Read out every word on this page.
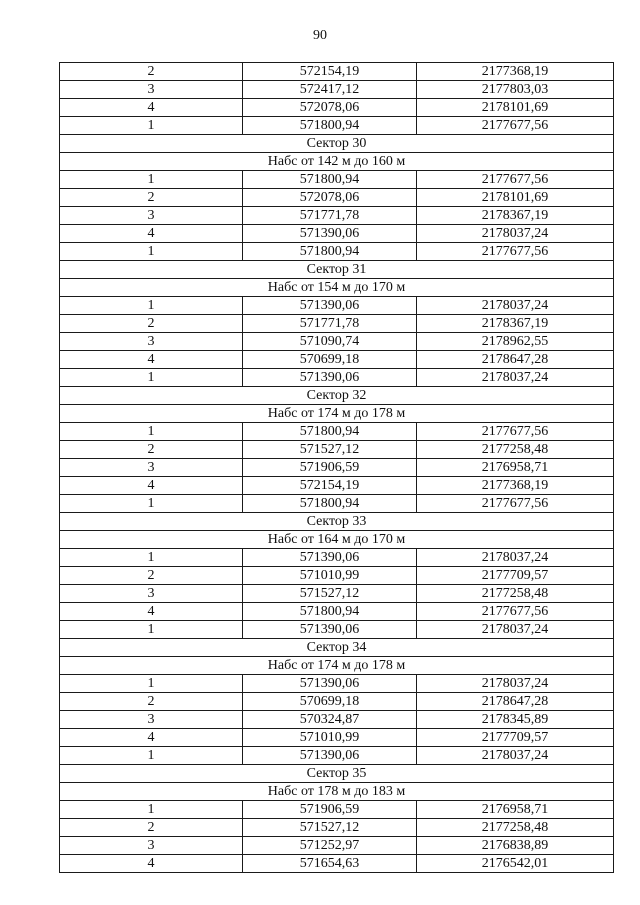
90
2	572154,19	2177368,19
3	572417,12	2177803,03
4	572078,06	2178101,69
1	571800,94	2177677,56
Сектор 30		
Набс от 142 м до 160 м		
1	571800,94	2177677,56
2	572078,06	2178101,69
3	571771,78	2178367,19
4	571390,06	2178037,24
1	571800,94	2177677,56
Сектор 31		
Набс от 154 м до 170 м		
1	571390,06	2178037,24
2	571771,78	2178367,19
3	571090,74	2178962,55
4	570699,18	2178647,28
1	571390,06	2178037,24
Сектор 32		
Набс от 174 м до 178 м		
1	571800,94	2177677,56
2	571527,12	2177258,48
3	571906,59	2176958,71
4	572154,19	2177368,19
1	571800,94	2177677,56
Сектор 33		
Набс от 164 м до 170 м		
1	571390,06	2178037,24
2	571010,99	2177709,57
3	571527,12	2177258,48
4	571800,94	2177677,56
1	571390,06	2178037,24
Сектор 34		
Набс от 174 м до 178 м		
1	571390,06	2178037,24
2	570699,18	2178647,28
3	570324,87	2178345,89
4	571010,99	2177709,57
1	571390,06	2178037,24
Сектор 35		
Набс от 178 м до 183 м		
1	571906,59	2176958,71
2	571527,12	2177258,48
3	571252,97	2176838,89
4	571654,63	2176542,01
